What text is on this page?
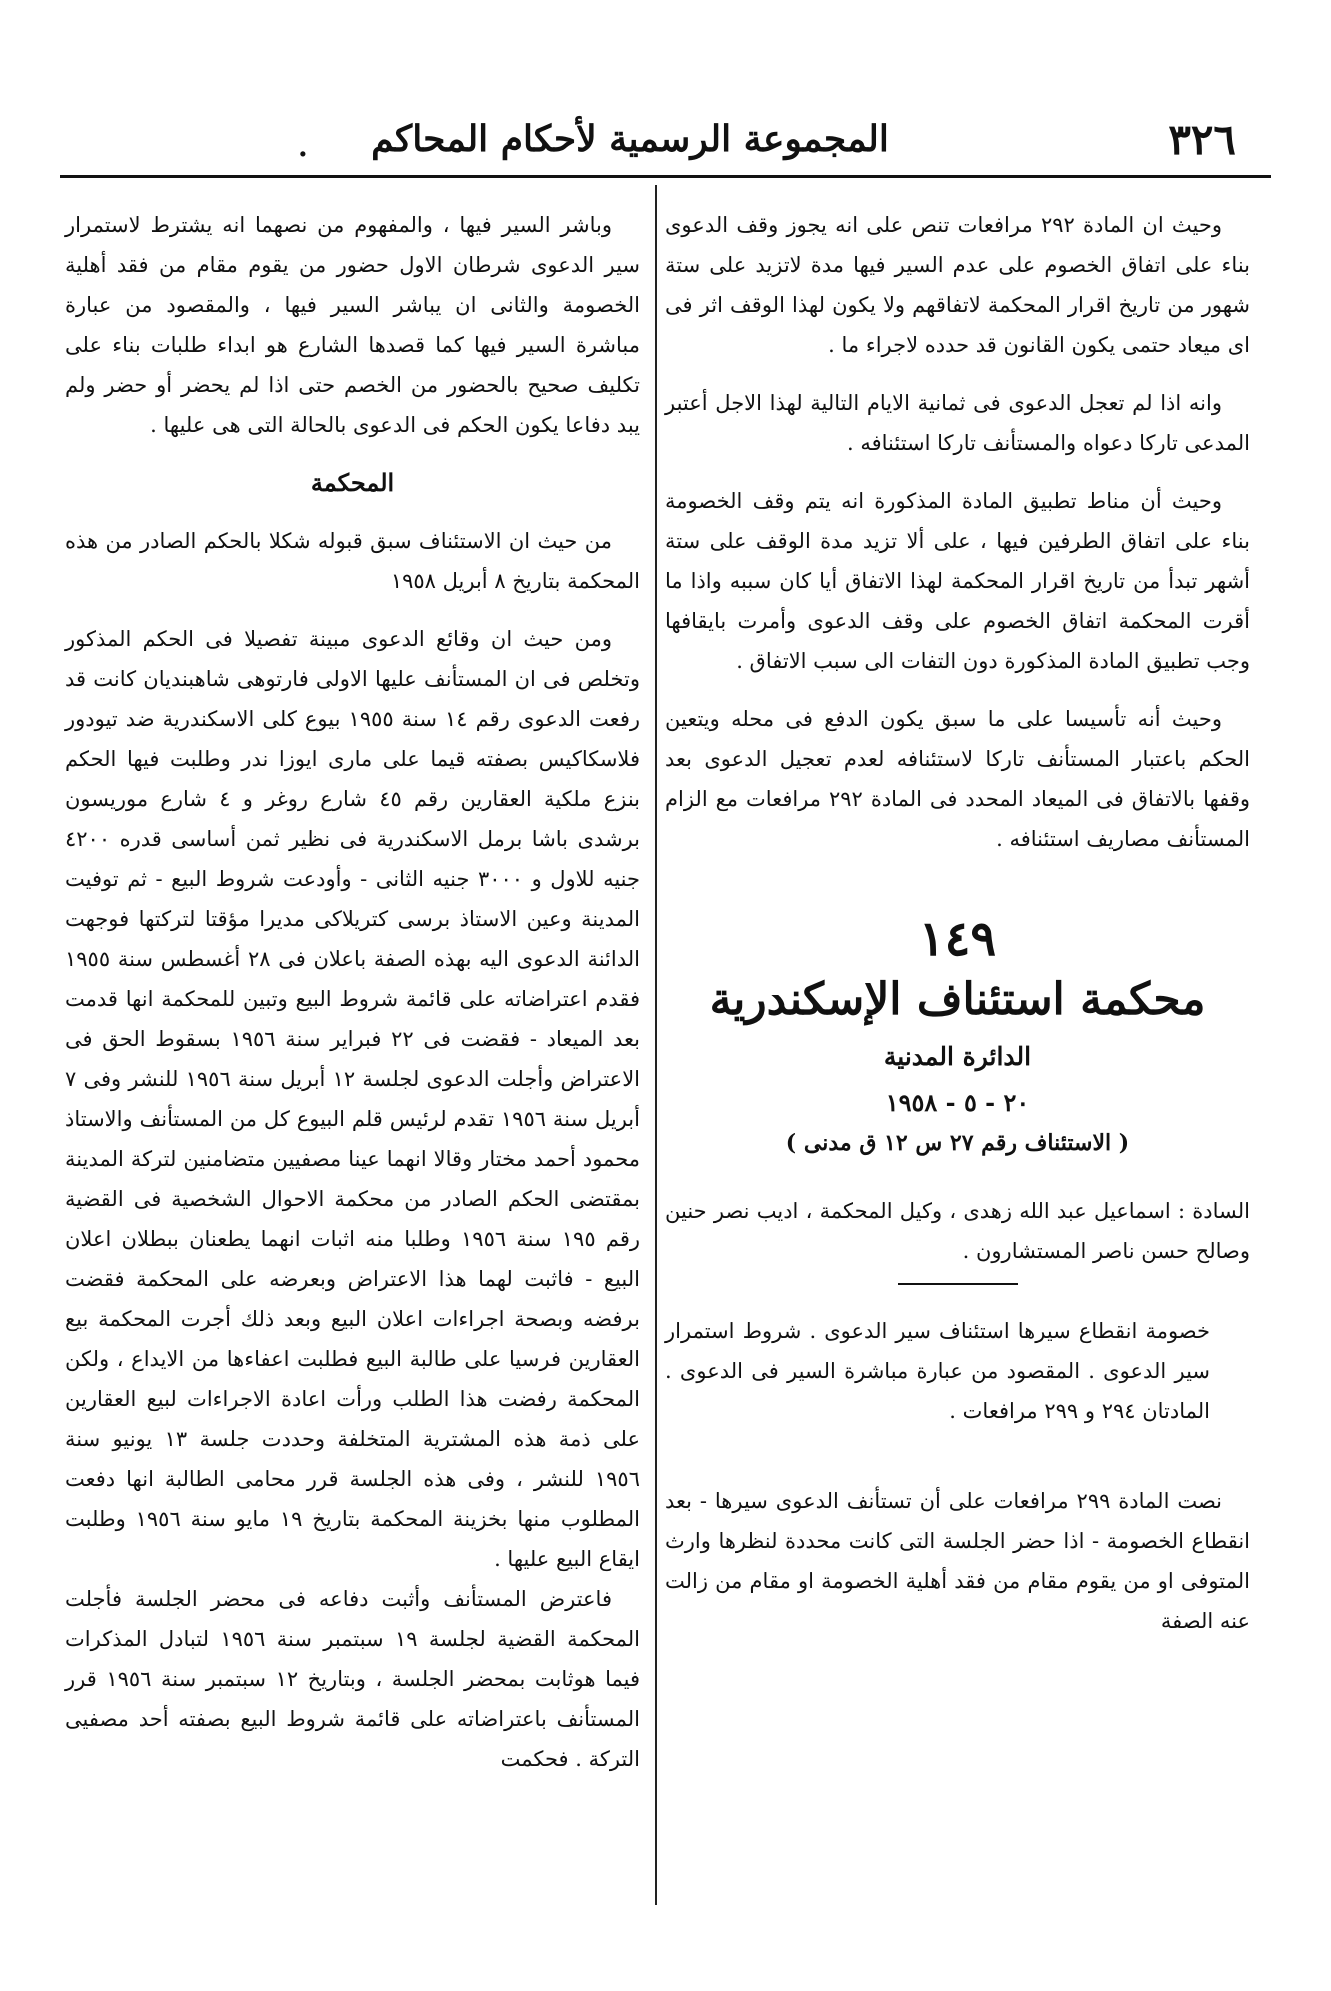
٣٢٦
المجموعة الرسمية لأحكام المحاكم
.

وحيث ان المادة ٢٩٢ مرافعات تنص على انه يجوز وقف الدعوى بناء على اتفاق الخصوم على عدم السير فيها مدة لاتزيد على ستة شهور من تاريخ اقرار المحكمة لاتفاقهم ولا يكون لهذا الوقف اثر فى اى ميعاد حتمى يكون القانون قد حدده لاجراء ما .

وانه اذا لم تعجل الدعوى فى ثمانية الايام التالية لهذا الاجل أعتبر المدعى تاركا دعواه والمستأنف تاركا استئنافه .

وحيث أن مناط تطبيق المادة المذكورة انه يتم وقف الخصومة بناء على اتفاق الطرفين فيها ، على ألا تزيد مدة الوقف على ستة أشهر تبدأ من تاريخ اقرار المحكمة لهذا الاتفاق أيا كان سببه واذا ما أقرت المحكمة اتفاق الخصوم على وقف الدعوى وأمرت بايقافها وجب تطبيق المادة المذكورة دون التفات الى سبب الاتفاق .

وحيث أنه تأسيسا على ما سبق يكون الدفع فى محله ويتعين الحكم باعتبار المستأنف تاركا لاستئنافه لعدم تعجيل الدعوى بعد وقفها بالاتفاق فى الميعاد المحدد فى المادة ٢٩٢ مرافعات مع الزام المستأنف مصاريف استئنافه .

١٤٩
محكمة استئناف الإسكندرية
الدائرة المدنية
٢٠ - ٥ - ١٩٥٨
( الاستئناف رقم ٢٧ س ١٢ ق مدنى )

السادة : اسماعيل عبد الله زهدى ، وكيل المحكمة ، اديب نصر حنين وصالح حسن ناصر المستشارون .

خصومة انقطاع سيرها استئناف سير الدعوى . شروط استمرار سير الدعوى . المقصود من عبارة مباشرة السير فى الدعوى . المادتان ٢٩٤ و ٢٩٩ مرافعات .

نصت المادة ٢٩٩ مرافعات على أن تستأنف الدعوى سيرها - بعد انقطاع الخصومة - اذا حضر الجلسة التى كانت محددة لنظرها وارث المتوفى او من يقوم مقام من فقد أهلية الخصومة او مقام من زالت عنه الصفة

وباشر السير فيها ، والمفهوم من نصهما انه يشترط لاستمرار سير الدعوى شرطان الاول حضور من يقوم مقام من فقد أهلية الخصومة والثانى ان يباشر السير فيها ، والمقصود من عبارة مباشرة السير فيها كما قصدها الشارع هو ابداء طلبات بناء على تكليف صحيح بالحضور من الخصم حتى اذا لم يحضر أو حضر ولم يبد دفاعا يكون الحكم فى الدعوى بالحالة التى هى عليها .

المحكمة

من حيث ان الاستئناف سبق قبوله شكلا بالحكم الصادر من هذه المحكمة بتاريخ ٨ أبريل ١٩٥٨

ومن حيث ان وقائع الدعوى مبينة تفصيلا فى الحكم المذكور وتخلص فى ان المستأنف عليها الاولى فارتوهى شاهبنديان كانت قد رفعت الدعوى رقم ١٤ سنة ١٩٥٥ بيوع كلى الاسكندرية ضد تيودور فلاسكاكيس بصفته قيما على مارى ايوزا ندر وطلبت فيها الحكم بنزع ملكية العقارين رقم ٤٥ شارع روغر و ٤ شارع موريسون برشدى باشا برمل الاسكندرية فى نظير ثمن أساسى قدره ٤٢٠٠ جنيه للاول و ٣٠٠٠ جنيه الثانى - وأودعت شروط البيع - ثم توفيت المدينة وعين الاستاذ برسى كتريلاكى مديرا مؤقتا لتركتها فوجهت الدائنة الدعوى اليه بهذه الصفة باعلان فى ٢٨ أغسطس سنة ١٩٥٥ فقدم اعتراضاته على قائمة شروط البيع وتبين للمحكمة انها قدمت بعد الميعاد - فقضت فى ٢٢ فبراير سنة ١٩٥٦ بسقوط الحق فى الاعتراض وأجلت الدعوى لجلسة ١٢ أبريل سنة ١٩٥٦ للنشر وفى ٧ أبريل سنة ١٩٥٦ تقدم لرئيس قلم البيوع كل من المستأنف والاستاذ محمود أحمد مختار وقالا انهما عينا مصفيين متضامنين لتركة المدينة بمقتضى الحكم الصادر من محكمة الاحوال الشخصية فى القضية رقم ١٩٥ سنة ١٩٥٦ وطلبا منه اثبات انهما يطعنان ببطلان اعلان البيع - فاثبت لهما هذا الاعتراض وبعرضه على المحكمة فقضت برفضه وبصحة اجراءات اعلان البيع وبعد ذلك أجرت المحكمة بيع العقارين فرسيا على طالبة البيع فطلبت اعفاءها من الايداع ، ولكن المحكمة رفضت هذا الطلب ورأت اعادة الاجراءات لبيع العقارين على ذمة هذه المشترية المتخلفة وحددت جلسة ١٣ يونيو سنة ١٩٥٦ للنشر ، وفى هذه الجلسة قرر محامى الطالبة انها دفعت المطلوب منها بخزينة المحكمة بتاريخ ١٩ مايو سنة ١٩٥٦ وطلبت ايقاع البيع عليها .

فاعترض المستأنف وأثبت دفاعه فى محضر الجلسة فأجلت المحكمة القضية لجلسة ١٩ سبتمبر سنة ١٩٥٦ لتبادل المذكرات فيما هوثابت بمحضر الجلسة ، وبتاريخ ١٢ سبتمبر سنة ١٩٥٦ قرر المستأنف باعتراضاته على قائمة شروط البيع بصفته أحد مصفيى التركة . فحكمت
